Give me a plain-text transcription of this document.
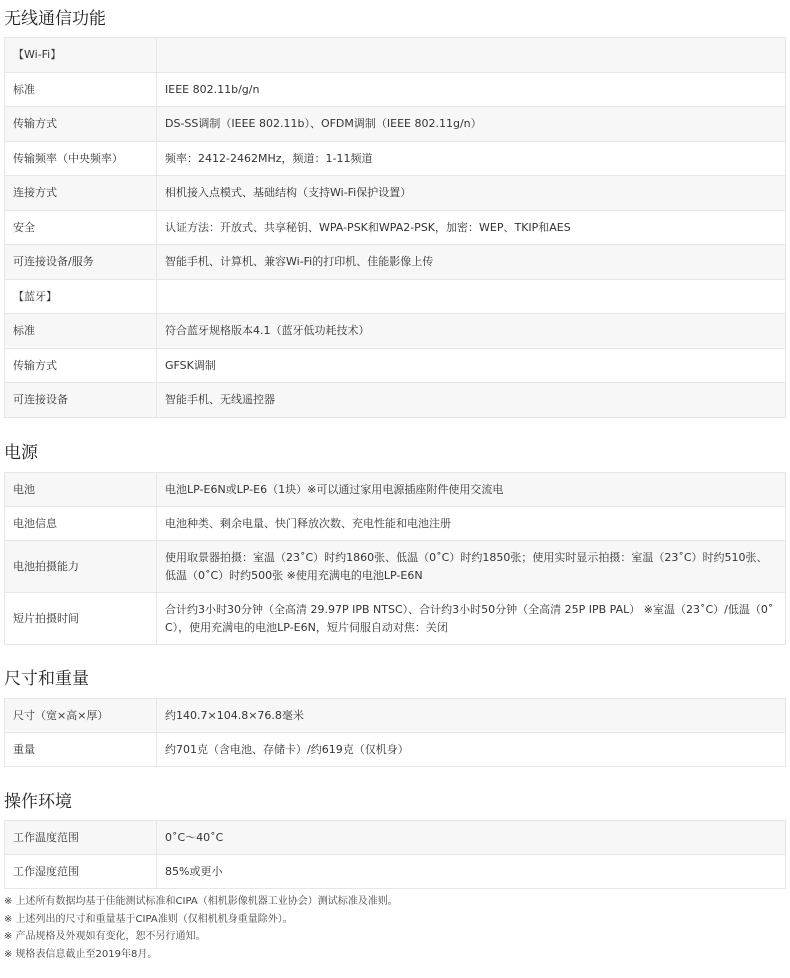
无线通信功能
【Wi-Fi】	
标准	IEEE 802.11b/g/n
传输方式	DS-SS调制（IEEE 802.11b）、OFDM调制（IEEE 802.11g/n）
传输频率（中央频率）	频率：2412-2462MHz，频道：1-11频道
连接方式	相机接入点模式、基础结构（支持Wi-Fi保护设置）
安全	认证方法：开放式、共享秘钥、WPA-PSK和WPA2-PSK，加密：WEP、TKIP和AES
可连接设备/服务	智能手机、计算机、兼容Wi-Fi的打印机、佳能影像上传
【蓝牙】	
标准	符合蓝牙规格版本4.1（蓝牙低功耗技术）
传输方式	GFSK调制
可连接设备	智能手机、无线遥控器
电源
电池	电池LP-E6N或LP-E6（1块）※可以通过家用电源插座附件使用交流电
电池信息	电池种类、剩余电量、快门释放次数、充电性能和电池注册
电池拍摄能力	使用取景器拍摄：室温（23˚C）时约1860张、低温（0˚C）时约1850张；使用实时显示拍摄：室温（23˚C）时约510张、低温（0˚C）时约500张 ※使用充满电的电池LP-E6N
短片拍摄时间	合计约3小时30分钟（全高清 29.97P IPB NTSC）、合计约3小时50分钟（全高清 25P IPB PAL） ※室温（23˚C）/低温（0˚C），使用充满电的电池LP-E6N，短片伺服自动对焦：关闭
尺寸和重量
尺寸（宽×高×厚）	约140.7×104.8×76.8毫米
重量	约701克（含电池、存储卡）/约619克（仅机身）
操作环境
工作温度范围	0˚C～40˚C
工作湿度范围	85%或更小
※ 上述所有数据均基于佳能测试标准和CIPA（相机影像机器工业协会）测试标准及准则。
※ 上述列出的尺寸和重量基于CIPA准则（仅相机机身重量除外）。
※ 产品规格及外观如有变化，恕不另行通知。
※ 规格表信息截止至2019年8月。
